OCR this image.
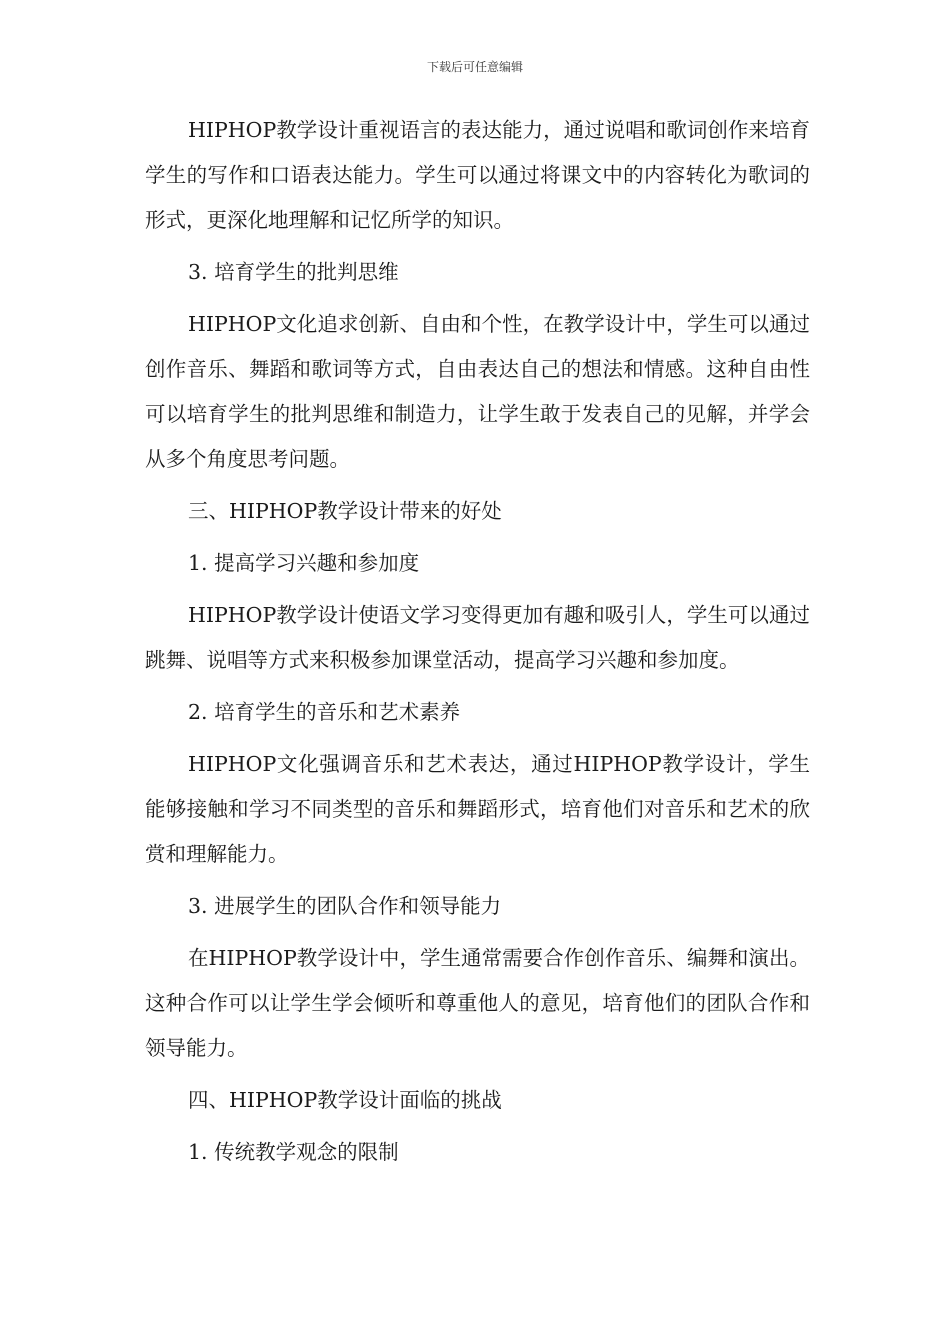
下载后可任意编辑

HIPHOP教学设计重视语言的表达能力，通过说唱和歌词创作来培育学生的写作和口语表达能力。学生可以通过将课文中的内容转化为歌词的形式，更深化地理解和记忆所学的知识。

3. 培育学生的批判思维

HIPHOP文化追求创新、自由和个性，在教学设计中，学生可以通过创作音乐、舞蹈和歌词等方式，自由表达自己的想法和情感。这种自由性可以培育学生的批判思维和制造力，让学生敢于发表自己的见解，并学会从多个角度思考问题。

三、HIPHOP教学设计带来的好处

1. 提高学习兴趣和参加度

HIPHOP教学设计使语文学习变得更加有趣和吸引人，学生可以通过跳舞、说唱等方式来积极参加课堂活动，提高学习兴趣和参加度。

2. 培育学生的音乐和艺术素养

HIPHOP文化强调音乐和艺术表达，通过HIPHOP教学设计，学生能够接触和学习不同类型的音乐和舞蹈形式，培育他们对音乐和艺术的欣赏和理解能力。

3. 进展学生的团队合作和领导能力

在HIPHOP教学设计中，学生通常需要合作创作音乐、编舞和演出。这种合作可以让学生学会倾听和尊重他人的意见，培育他们的团队合作和领导能力。

四、HIPHOP教学设计面临的挑战

1. 传统教学观念的限制
